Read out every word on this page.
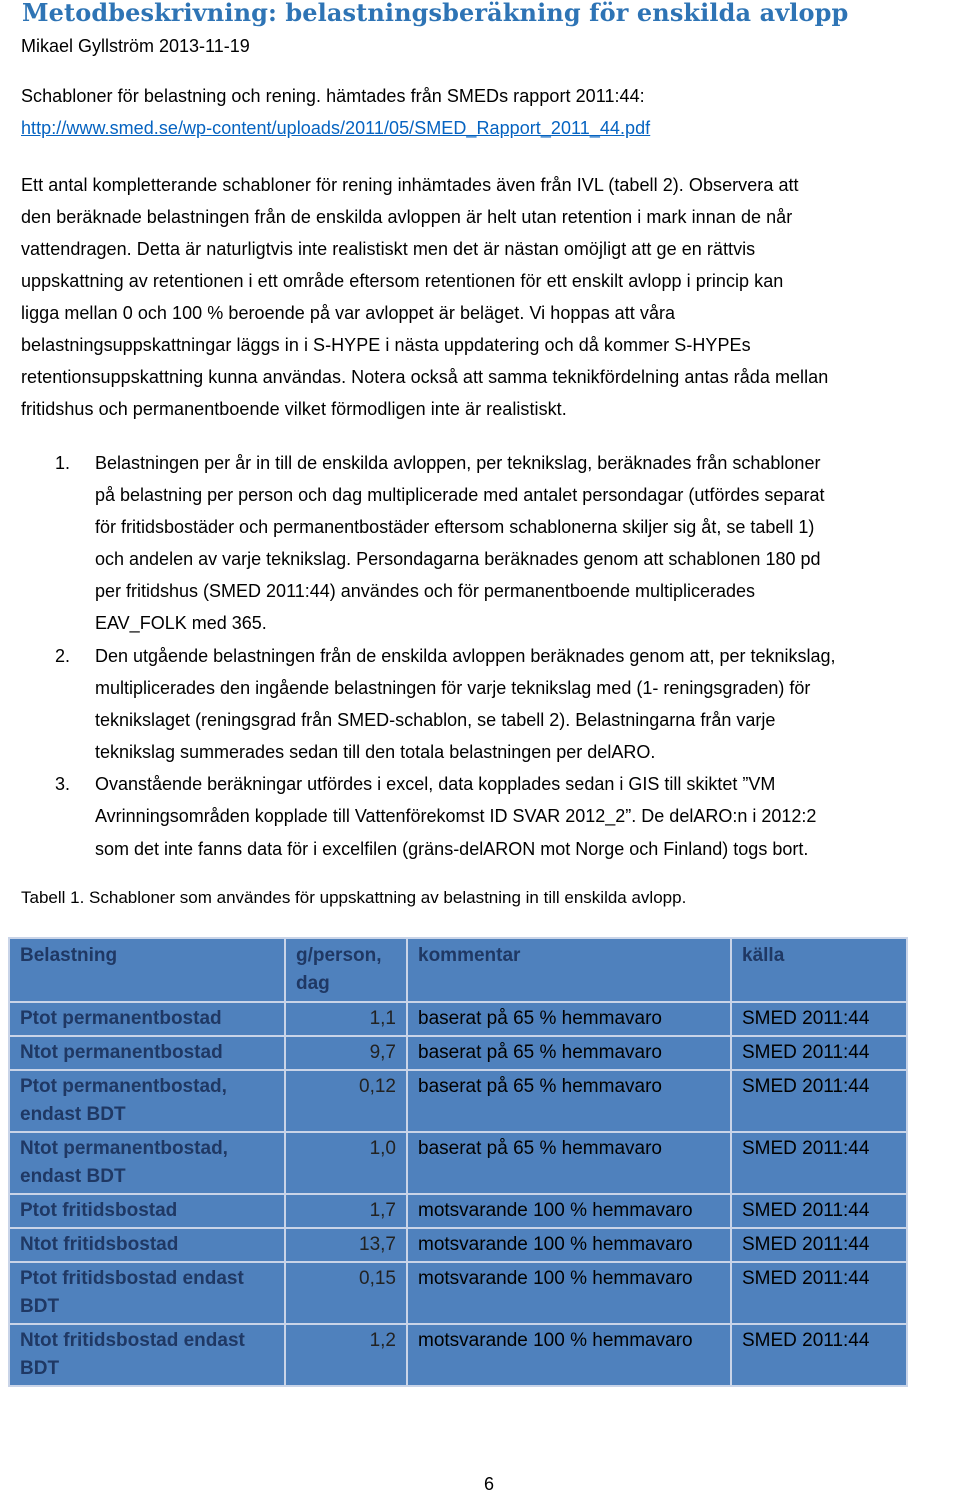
Metodbeskrivning: belastningsberäkning för enskilda avlopp
Mikael Gyllström 2013-11-19
Schabloner för belastning och rening. hämtades från SMEDs rapport 2011:44:
http://www.smed.se/wp-content/uploads/2011/05/SMED_Rapport_2011_44.pdf
Ett antal kompletterande schabloner för rening inhämtades även från IVL (tabell 2). Observera att
den beräknade belastningen från de enskilda avloppen är helt utan retention i mark innan de når
vattendragen. Detta är naturligtvis inte realistiskt men det är nästan omöjligt att ge en rättvis
uppskattning av retentionen i ett område eftersom retentionen för ett enskilt avlopp i princip kan
ligga mellan 0 och 100 % beroende på var avloppet är beläget. Vi hoppas att våra
belastningsuppskattningar läggs in i S-HYPE i nästa uppdatering och då kommer S-HYPEs
retentionsuppskattning kunna användas. Notera också att samma teknikfördelning antas råda mellan
fritidshus och permanentboende vilket förmodligen inte är realistiskt.
1. Belastningen per år in till de enskilda avloppen, per teknikslag, beräknades från schabloner
på belastning per person och dag multiplicerade med antalet persondagar (utfördes separat
för fritidsbostäder och permanentbostäder eftersom schablonerna skiljer sig åt, se tabell 1)
och andelen av varje teknikslag. Persondagarna beräknades genom att schablonen 180 pd
per fritidshus (SMED 2011:44) användes och för permanentboende multiplicerades
EAV_FOLK med 365.
2. Den utgående belastningen från de enskilda avloppen beräknades genom att, per teknikslag,
multiplicerades den ingående belastningen för varje teknikslag med (1- reningsgraden) för
teknikslaget (reningsgrad från SMED-schablon, se tabell 2). Belastningarna från varje
teknikslag summerades sedan till den totala belastningen per delARO.
3. Ovanstående beräkningar utfördes i excel, data kopplades sedan i GIS till skiktet ”VM
Avrinningsområden kopplade till Vattenförekomst ID SVAR 2012_2”. De delARO:n i 2012:2
som det inte fanns data för i excelfilen (gräns-delARON mot Norge och Finland) togs bort.
Tabell 1. Schabloner som användes för uppskattning av belastning in till enskilda avlopp.
Belastning	g/person, dag	kommentar	källa
Ptot permanentbostad	1,1	baserat på 65 % hemmavaro	SMED 2011:44
Ntot permanentbostad	9,7	baserat på 65 % hemmavaro	SMED 2011:44
Ptot permanentbostad, endast BDT	0,12	baserat på 65 % hemmavaro	SMED 2011:44
Ntot permanentbostad, endast BDT	1,0	baserat på 65 % hemmavaro	SMED 2011:44
Ptot fritidsbostad	1,7	motsvarande 100 % hemmavaro	SMED 2011:44
Ntot fritidsbostad	13,7	motsvarande 100 % hemmavaro	SMED 2011:44
Ptot fritidsbostad endast BDT	0,15	motsvarande 100 % hemmavaro	SMED 2011:44
Ntot fritidsbostad endast BDT	1,2	motsvarande 100 % hemmavaro	SMED 2011:44
6
